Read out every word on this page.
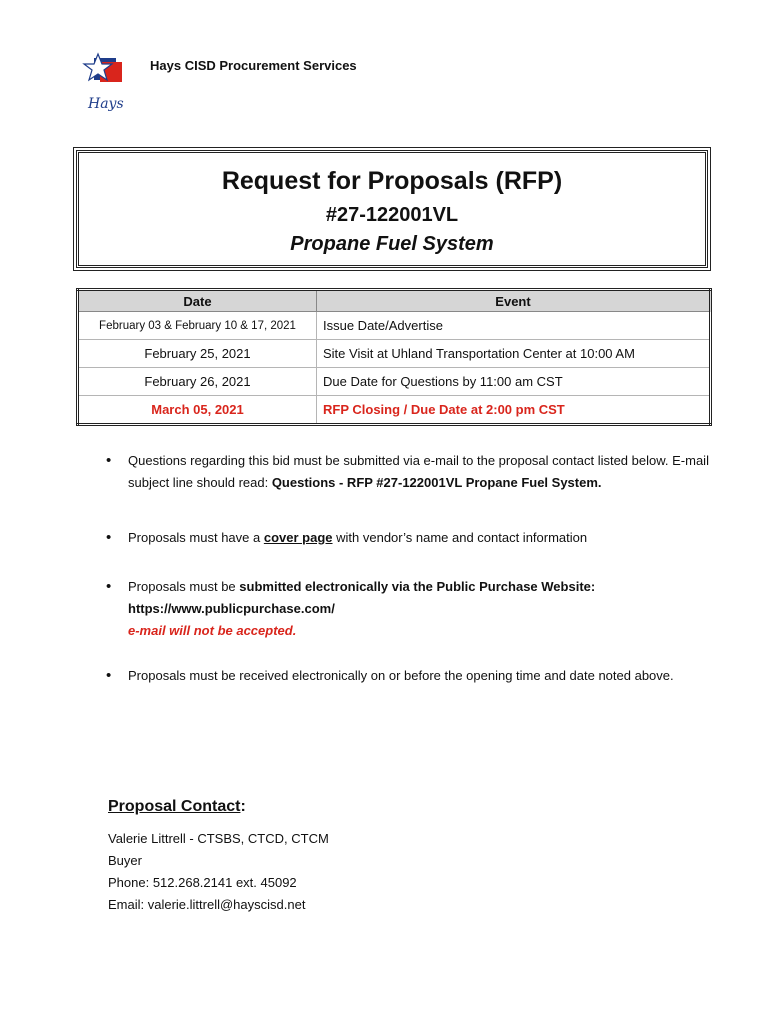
Hays
Hays CISD Procurement Services
Request for Proposals (RFP)
#27-122001VL
Propane Fuel System
Date	Event
February 03 & February 10 & 17, 2021	Issue Date/Advertise
February 25, 2021	Site Visit at Uhland Transportation Center at 10:00 AM
February 26, 2021	Due Date for Questions by 11:00 am CST
March 05, 2021	RFP Closing / Due Date at 2:00 pm CST
• Questions regarding this bid must be submitted via e-mail to the proposal contact listed below. E-mail subject line should read: Questions - RFP #27-122001VL Propane Fuel System.
• Proposals must have a cover page with vendor’s name and contact information
• Proposals must be submitted electronically via the Public Purchase Website:
https://www.publicpurchase.com/
e-mail will not be accepted.
• Proposals must be received electronically on or before the opening time and date noted above.
Proposal Contact:
Valerie Littrell - CTSBS, CTCD, CTCM
Buyer
Phone: 512.268.2141 ext. 45092
Email: valerie.littrell@hayscisd.net
